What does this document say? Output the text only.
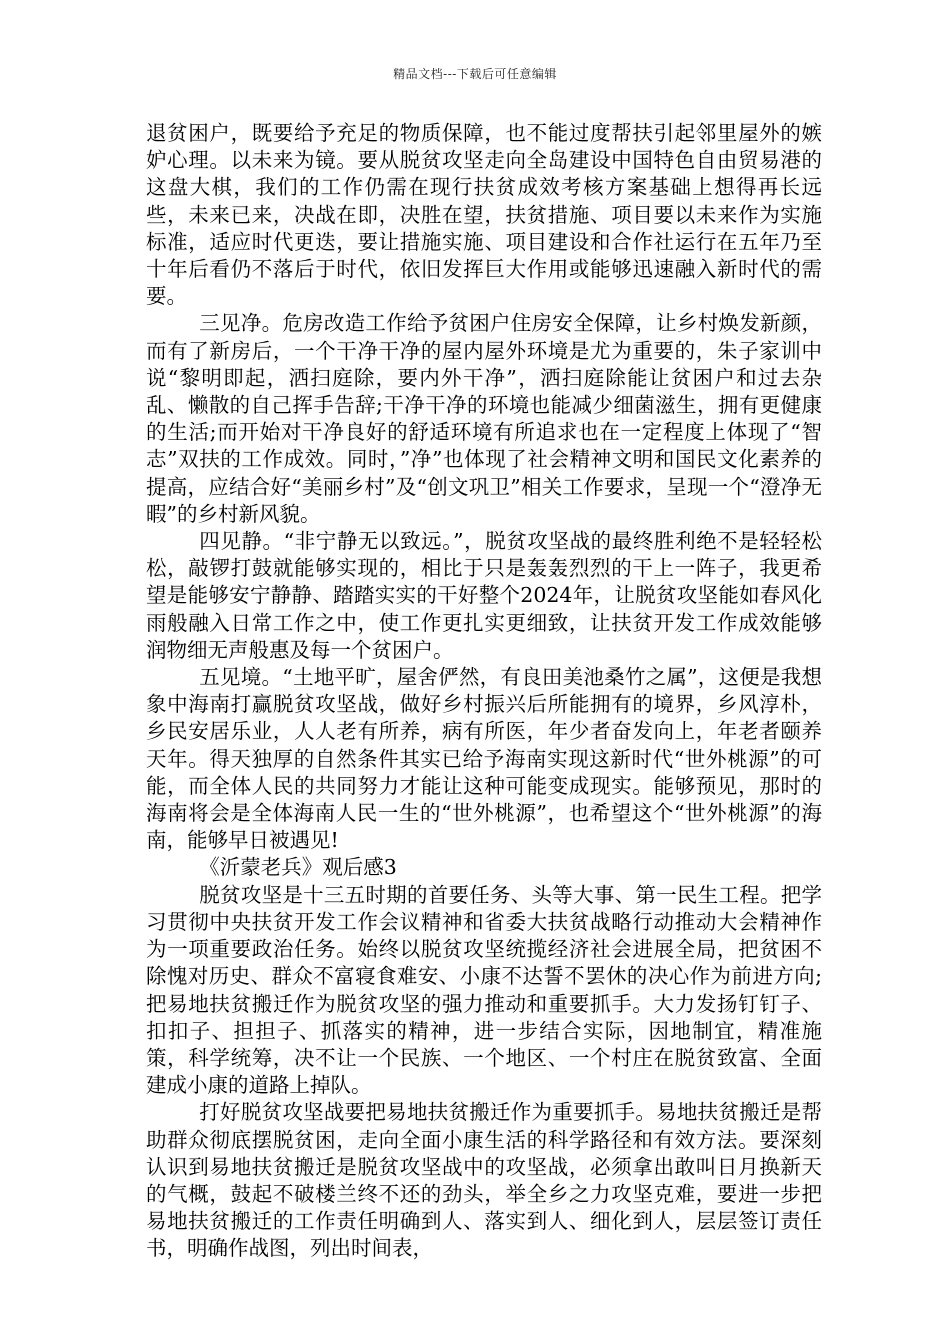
精品文档---下载后可任意编辑

退贫困户，既要给予充足的物质保障，也不能过度帮扶引起邻里屋外的嫉妒心理。以未来为镜。要从脱贫攻坚走向全岛建设中国特色自由贸易港的这盘大棋，我们的工作仍需在现行扶贫成效考核方案基础上想得再长远些，未来已来，决战在即，决胜在望，扶贫措施、项目要以未来作为实施标准，适应时代更迭，要让措施实施、项目建设和合作社运行在五年乃至十年后看仍不落后于时代，依旧发挥巨大作用或能够迅速融入新时代的需要。

三见净。危房改造工作给予贫困户住房安全保障，让乡村焕发新颜，而有了新房后，一个干净干净的屋内屋外环境是尤为重要的，朱子家训中说“黎明即起，洒扫庭除，要内外干净”，洒扫庭除能让贫困户和过去杂乱、懒散的自己挥手告辞;干净干净的环境也能减少细菌滋生，拥有更健康的生活;而开始对干净良好的舒适环境有所追求也在一定程度上体现了“智志”双扶的工作成效。同时，”净”也体现了社会精神文明和国民文化素养的提高，应结合好“美丽乡村”及“创文巩卫”相关工作要求，呈现一个“澄净无暇”的乡村新风貌。

四见静。“非宁静无以致远。”，脱贫攻坚战的最终胜利绝不是轻轻松松，敲锣打鼓就能够实现的，相比于只是轰轰烈烈的干上一阵子，我更希望是能够安宁静静、踏踏实实的干好整个2024年，让脱贫攻坚能如春风化雨般融入日常工作之中，使工作更扎实更细致，让扶贫开发工作成效能够润物细无声般惠及每一个贫困户。

五见境。“土地平旷，屋舍俨然，有良田美池桑竹之属”，这便是我想象中海南打赢脱贫攻坚战，做好乡村振兴后所能拥有的境界，乡风淳朴，乡民安居乐业，人人老有所养，病有所医，年少者奋发向上，年老者颐养天年。得天独厚的自然条件其实已给予海南实现这新时代“世外桃源”的可能，而全体人民的共同努力才能让这种可能变成现实。能够预见，那时的海南将会是全体海南人民一生的“世外桃源”，也希望这个“世外桃源”的海南，能够早日被遇见!

《沂蒙老兵》观后感3

脱贫攻坚是十三五时期的首要任务、头等大事、第一民生工程。把学习贯彻中央扶贫开发工作会议精神和省委大扶贫战略行动推动大会精神作为一项重要政治任务。始终以脱贫攻坚统揽经济社会进展全局，把贫困不除愧对历史、群众不富寝食难安、小康不达誓不罢休的决心作为前进方向;把易地扶贫搬迁作为脱贫攻坚的强力推动和重要抓手。大力发扬钉钉子、扣扣子、担担子、抓落实的精神，进一步结合实际，因地制宜，精准施策，科学统筹，决不让一个民族、一个地区、一个村庄在脱贫致富、全面建成小康的道路上掉队。

打好脱贫攻坚战要把易地扶贫搬迁作为重要抓手。易地扶贫搬迁是帮助群众彻底摆脱贫困，走向全面小康生活的科学路径和有效方法。要深刻认识到易地扶贫搬迁是脱贫攻坚战中的攻坚战，必须拿出敢叫日月换新天的气概，鼓起不破楼兰终不还的劲头，举全乡之力攻坚克难，要进一步把易地扶贫搬迁的工作责任明确到人、落实到人、细化到人，层层签订责任书，明确作战图，列出时间表，
